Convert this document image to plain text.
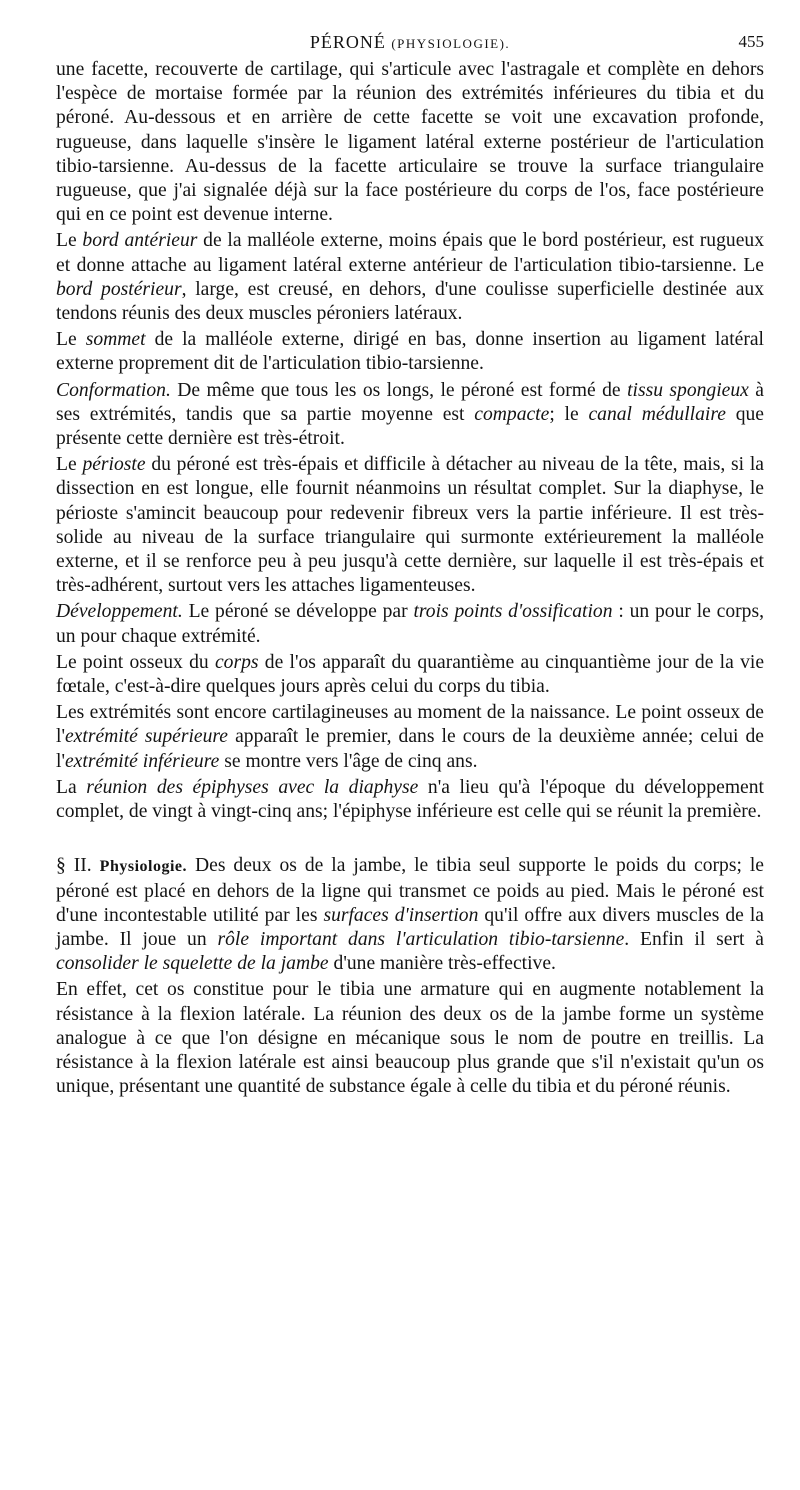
PÉRONÉ (PHYSIOLOGIE).	455

une facette, recouverte de cartilage, qui s'articule avec l'astragale et complète en dehors l'espèce de mortaise formée par la réunion des extrémités inférieures du tibia et du péroné. Au-dessous et en arrière de cette facette se voit une excavation profonde, rugueuse, dans laquelle s'insère le ligament latéral externe postérieur de l'articulation tibio-tarsienne. Au-dessus de la facette articulaire se trouve la surface triangulaire rugueuse, que j'ai signalée déjà sur la face postérieure du corps de l'os, face postérieure qui en ce point est devenue interne.

Le bord antérieur de la malléole externe, moins épais que le bord postérieur, est rugueux et donne attache au ligament latéral externe antérieur de l'articulation tibio-tarsienne. Le bord postérieur, large, est creusé, en dehors, d'une coulisse superficielle destinée aux tendons réunis des deux muscles péroniers latéraux.

Le sommet de la malléole externe, dirigé en bas, donne insertion au ligament latéral externe proprement dit de l'articulation tibio-tarsienne.

Conformation. De même que tous les os longs, le péroné est formé de tissu spongieux à ses extrémités, tandis que sa partie moyenne est compacte; le canal médullaire que présente cette dernière est très-étroit.

Le périoste du péroné est très-épais et difficile à détacher au niveau de la tête, mais, si la dissection en est longue, elle fournit néanmoins un résultat complet. Sur la diaphyse, le périoste s'amincit beaucoup pour redevenir fibreux vers la partie inférieure. Il est très-solide au niveau de la surface triangulaire qui surmonte extérieurement la malléole externe, et il se renforce peu à peu jusqu'à cette dernière, sur laquelle il est très-épais et très-adhérent, surtout vers les attaches ligamenteuses.

Développement. Le péroné se développe par trois points d'ossification : un pour le corps, un pour chaque extrémité.

Le point osseux du corps de l'os apparaît du quarantième au cinquantième jour de la vie fœtale, c'est-à-dire quelques jours après celui du corps du tibia.

Les extrémités sont encore cartilagineuses au moment de la naissance. Le point osseux de l'extrémité supérieure apparaît le premier, dans le cours de la deuxième année; celui de l'extrémité inférieure se montre vers l'âge de cinq ans.

La réunion des épiphyses avec la diaphyse n'a lieu qu'à l'époque du développement complet, de vingt à vingt-cinq ans; l'épiphyse inférieure est celle qui se réunit la première.

§ II. Physiologie. Des deux os de la jambe, le tibia seul supporte le poids du corps; le péroné est placé en dehors de la ligne qui transmet ce poids au pied. Mais le péroné est d'une incontestable utilité par les surfaces d'insertion qu'il offre aux divers muscles de la jambe. Il joue un rôle important dans l'articulation tibio-tarsienne. Enfin il sert à consolider le squelette de la jambe d'une manière très-effective.

En effet, cet os constitue pour le tibia une armature qui en augmente notablement la résistance à la flexion latérale. La réunion des deux os de la jambe forme un système analogue à ce que l'on désigne en mécanique sous le nom de poutre en treillis. La résistance à la flexion latérale est ainsi beaucoup plus grande que s'il n'existait qu'un os unique, présentant une quantité de substance égale à celle du tibia et du péroné réunis.
